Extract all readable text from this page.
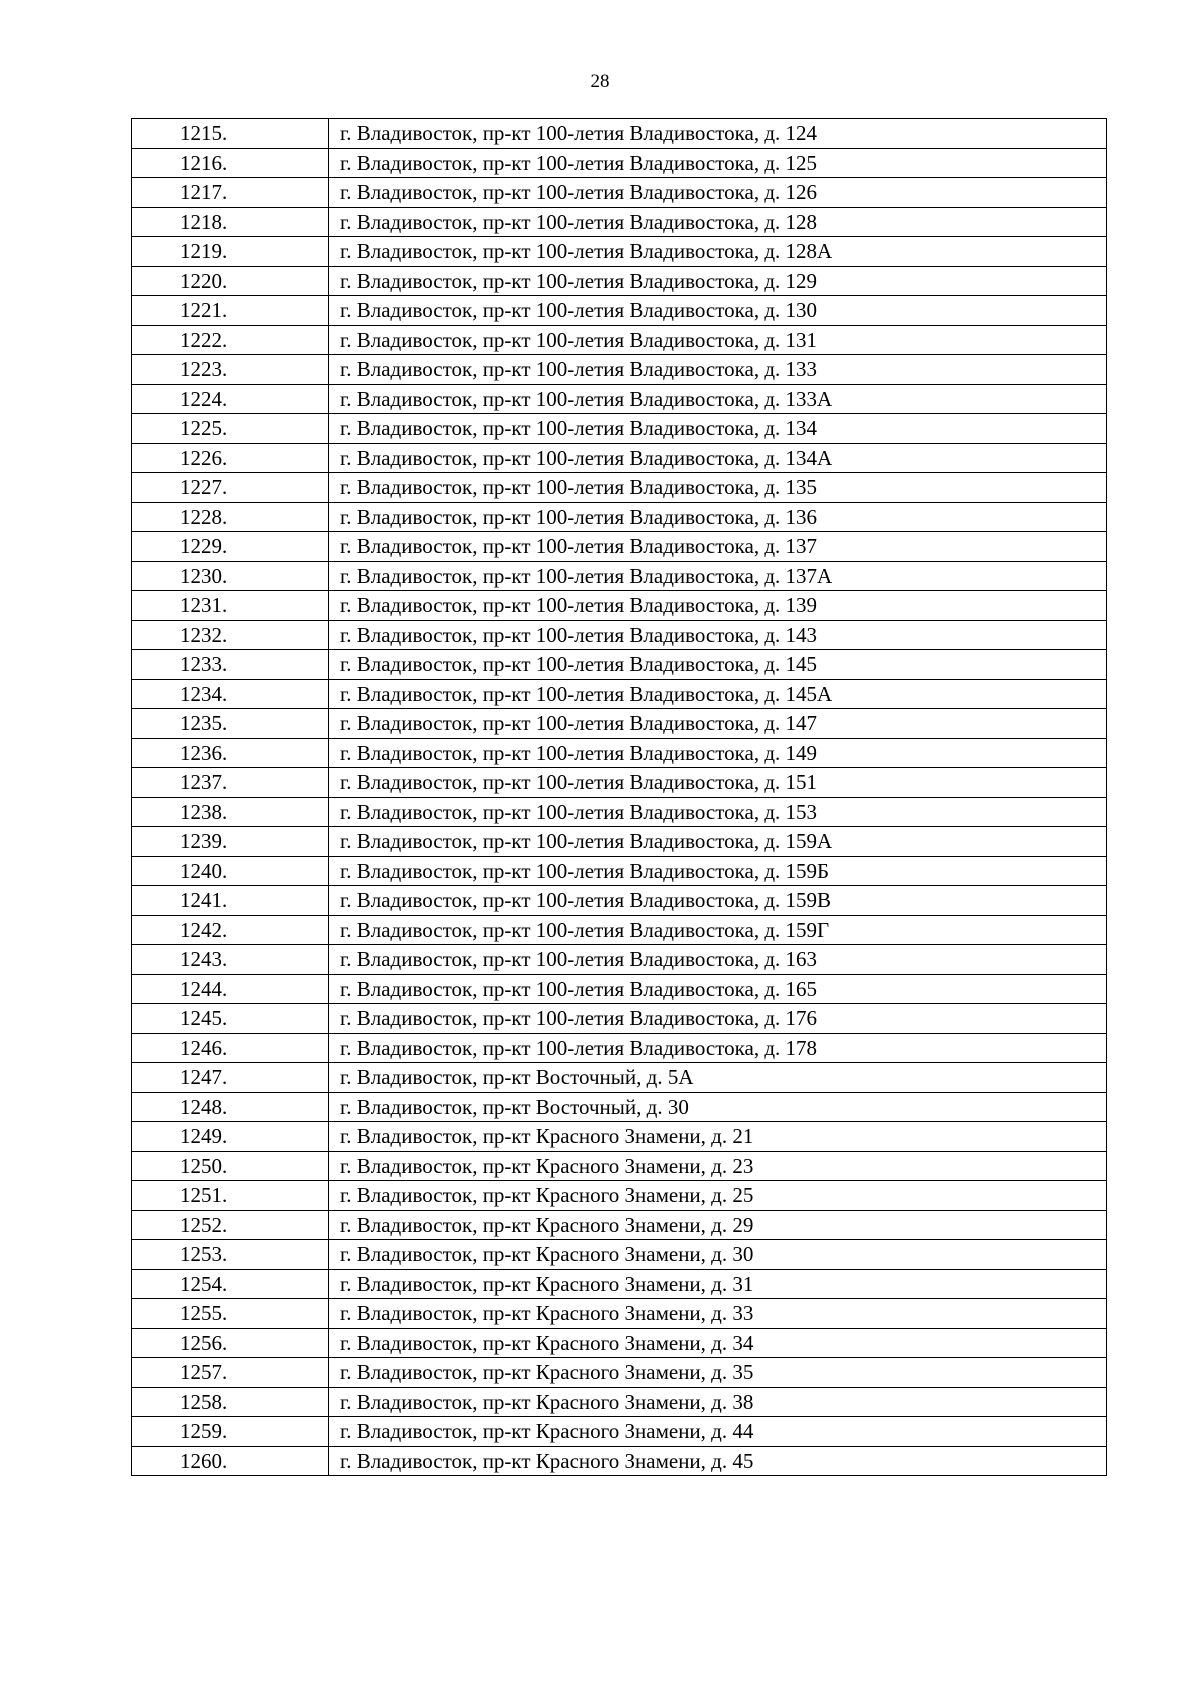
28
1215.	г. Владивосток, пр-кт 100-летия Владивостока, д. 124
1216.	г. Владивосток, пр-кт 100-летия Владивостока, д. 125
1217.	г. Владивосток, пр-кт 100-летия Владивостока, д. 126
1218.	г. Владивосток, пр-кт 100-летия Владивостока, д. 128
1219.	г. Владивосток, пр-кт 100-летия Владивостока, д. 128А
1220.	г. Владивосток, пр-кт 100-летия Владивостока, д. 129
1221.	г. Владивосток, пр-кт 100-летия Владивостока, д. 130
1222.	г. Владивосток, пр-кт 100-летия Владивостока, д. 131
1223.	г. Владивосток, пр-кт 100-летия Владивостока, д. 133
1224.	г. Владивосток, пр-кт 100-летия Владивостока, д. 133А
1225.	г. Владивосток, пр-кт 100-летия Владивостока, д. 134
1226.	г. Владивосток, пр-кт 100-летия Владивостока, д. 134А
1227.	г. Владивосток, пр-кт 100-летия Владивостока, д. 135
1228.	г. Владивосток, пр-кт 100-летия Владивостока, д. 136
1229.	г. Владивосток, пр-кт 100-летия Владивостока, д. 137
1230.	г. Владивосток, пр-кт 100-летия Владивостока, д. 137А
1231.	г. Владивосток, пр-кт 100-летия Владивостока, д. 139
1232.	г. Владивосток, пр-кт 100-летия Владивостока, д. 143
1233.	г. Владивосток, пр-кт 100-летия Владивостока, д. 145
1234.	г. Владивосток, пр-кт 100-летия Владивостока, д. 145А
1235.	г. Владивосток, пр-кт 100-летия Владивостока, д. 147
1236.	г. Владивосток, пр-кт 100-летия Владивостока, д. 149
1237.	г. Владивосток, пр-кт 100-летия Владивостока, д. 151
1238.	г. Владивосток, пр-кт 100-летия Владивостока, д. 153
1239.	г. Владивосток, пр-кт 100-летия Владивостока, д. 159А
1240.	г. Владивосток, пр-кт 100-летия Владивостока, д. 159Б
1241.	г. Владивосток, пр-кт 100-летия Владивостока, д. 159В
1242.	г. Владивосток, пр-кт 100-летия Владивостока, д. 159Г
1243.	г. Владивосток, пр-кт 100-летия Владивостока, д. 163
1244.	г. Владивосток, пр-кт 100-летия Владивостока, д. 165
1245.	г. Владивосток, пр-кт 100-летия Владивостока, д. 176
1246.	г. Владивосток, пр-кт 100-летия Владивостока, д. 178
1247.	г. Владивосток, пр-кт Восточный, д. 5А
1248.	г. Владивосток, пр-кт Восточный, д. 30
1249.	г. Владивосток, пр-кт Красного Знамени, д. 21
1250.	г. Владивосток, пр-кт Красного Знамени, д. 23
1251.	г. Владивосток, пр-кт Красного Знамени, д. 25
1252.	г. Владивосток, пр-кт Красного Знамени, д. 29
1253.	г. Владивосток, пр-кт Красного Знамени, д. 30
1254.	г. Владивосток, пр-кт Красного Знамени, д. 31
1255.	г. Владивосток, пр-кт Красного Знамени, д. 33
1256.	г. Владивосток, пр-кт Красного Знамени, д. 34
1257.	г. Владивосток, пр-кт Красного Знамени, д. 35
1258.	г. Владивосток, пр-кт Красного Знамени, д. 38
1259.	г. Владивосток, пр-кт Красного Знамени, д. 44
1260.	г. Владивосток, пр-кт Красного Знамени, д. 45
